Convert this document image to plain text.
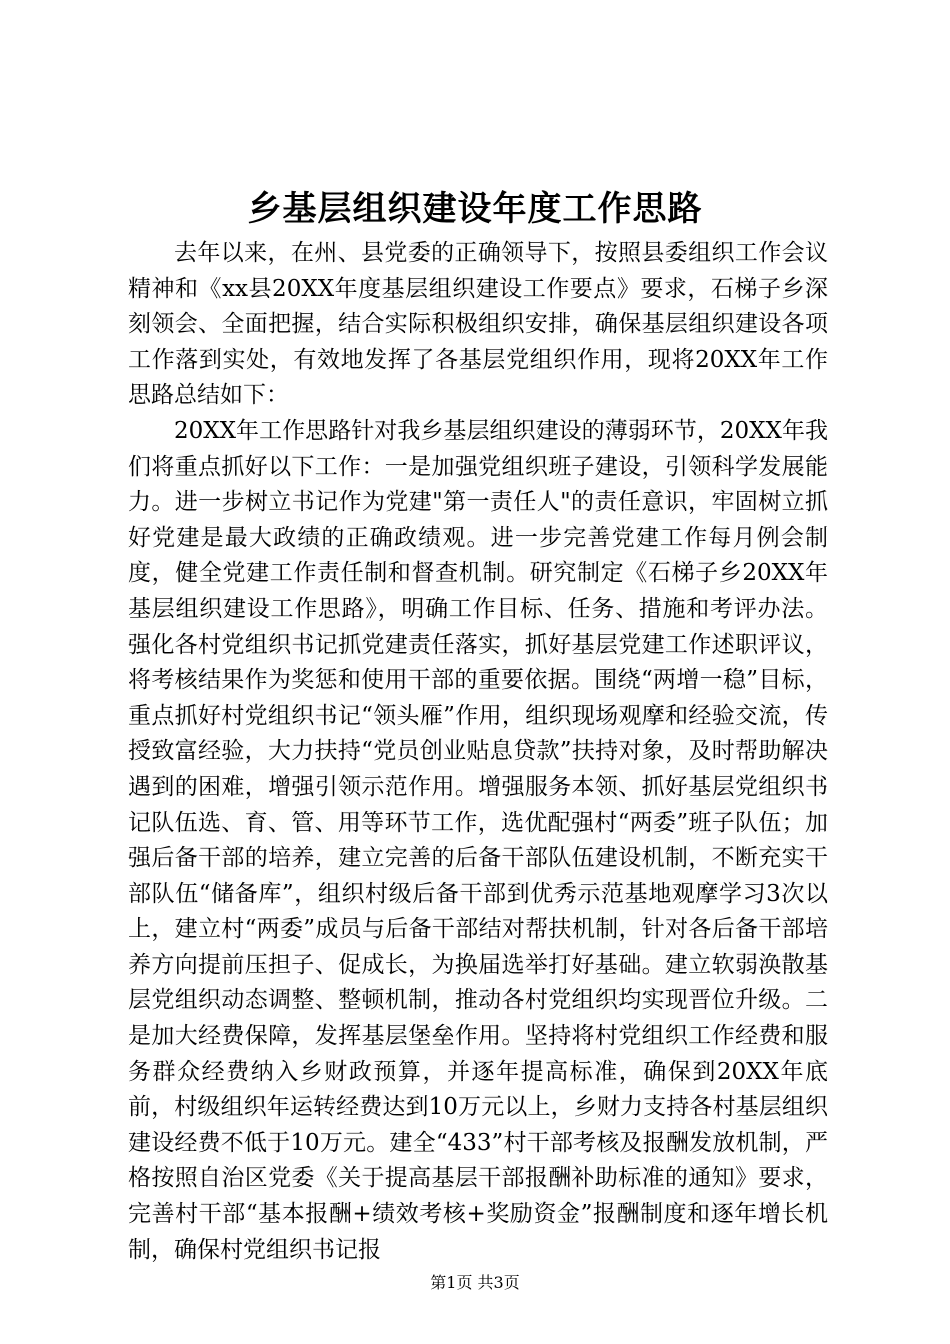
乡基层组织建设年度工作思路

去年以来，在州、县党委的正确领导下，按照县委组织工作会议精神和《xx县20XX年度基层组织建设工作要点》要求，石梯子乡深刻领会、全面把握，结合实际积极组织安排，确保基层组织建设各项工作落到实处，有效地发挥了各基层党组织作用，现将20XX年工作思路总结如下：

20XX年工作思路针对我乡基层组织建设的薄弱环节，20XX年我们将重点抓好以下工作：一是加强党组织班子建设，引领科学发展能力。进一步树立书记作为党建"第一责任人"的责任意识，牢固树立抓好党建是最大政绩的正确政绩观。进一步完善党建工作每月例会制度，健全党建工作责任制和督查机制。研究制定《石梯子乡20XX年基层组织建设工作思路》，明确工作目标、任务、措施和考评办法。强化各村党组织书记抓党建责任落实，抓好基层党建工作述职评议，将考核结果作为奖惩和使用干部的重要依据。围绕“两增一稳”目标，重点抓好村党组织书记“领头雁”作用，组织现场观摩和经验交流，传授致富经验，大力扶持“党员创业贴息贷款”扶持对象，及时帮助解决遇到的困难，增强引领示范作用。增强服务本领、抓好基层党组织书记队伍选、育、管、用等环节工作，选优配强村“两委”班子队伍；加强后备干部的培养，建立完善的后备干部队伍建设机制，不断充实干部队伍“储备库”，组织村级后备干部到优秀示范基地观摩学习3次以上，建立村“两委”成员与后备干部结对帮扶机制，针对各后备干部培养方向提前压担子、促成长，为换届选举打好基础。建立软弱涣散基层党组织动态调整、整顿机制，推动各村党组织均实现晋位升级。二是加大经费保障，发挥基层堡垒作用。坚持将村党组织工作经费和服务群众经费纳入乡财政预算，并逐年提高标准，确保到20XX年底前，村级组织年运转经费达到10万元以上，乡财力支持各村基层组织建设经费不低于10万元。建全“433”村干部考核及报酬发放机制，严格按照自治区党委《关于提高基层干部报酬补助标准的通知》要求，完善村干部“基本报酬+绩效考核+奖励资金”报酬制度和逐年增长机制，确保村党组织书记报

第1页 共3页
